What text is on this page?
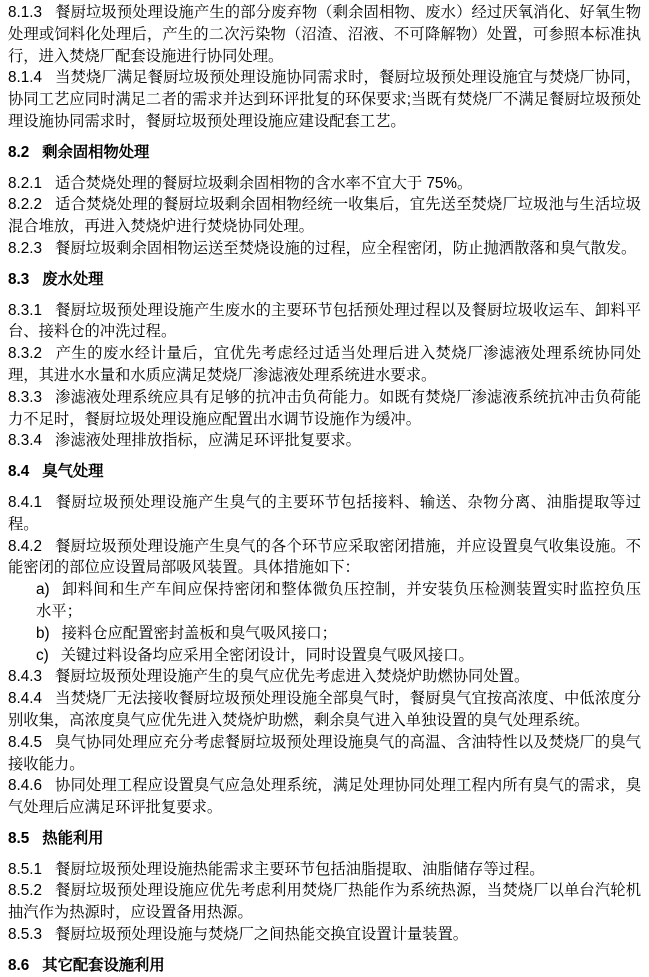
8.1.3 餐厨垃圾预处理设施产生的部分废弃物（剩余固相物、废水）经过厌氧消化、好氧生物处理或饲料化处理后，产生的二次污染物（沼渣、沼液、不可降解物）处置，可参照本标准执行，进入焚烧厂配套设施进行协同处理。

8.1.4 当焚烧厂满足餐厨垃圾预处理设施协同需求时，餐厨垃圾预处理设施宜与焚烧厂协同，协同工艺应同时满足二者的需求并达到环评批复的环保要求;当既有焚烧厂不满足餐厨垃圾预处理设施协同需求时，餐厨垃圾预处理设施应建设配套工艺。

8.2 剩余固相物处理

8.2.1 适合焚烧处理的餐厨垃圾剩余固相物的含水率不宜大于 75%。

8.2.2 适合焚烧处理的餐厨垃圾剩余固相物经统一收集后，宜先送至焚烧厂垃圾池与生活垃圾混合堆放，再进入焚烧炉进行焚烧协同处理。

8.2.3 餐厨垃圾剩余固相物运送至焚烧设施的过程，应全程密闭，防止抛洒散落和臭气散发。

8.3 废水处理

8.3.1 餐厨垃圾预处理设施产生废水的主要环节包括预处理过程以及餐厨垃圾收运车、卸料平台、接料仓的冲洗过程。

8.3.2 产生的废水经计量后，宜优先考虑经过适当处理后进入焚烧厂渗滤液处理系统协同处理，其进水水量和水质应满足焚烧厂渗滤液处理系统进水要求。

8.3.3 渗滤液处理系统应具有足够的抗冲击负荷能力。如既有焚烧厂渗滤液系统抗冲击负荷能力不足时，餐厨垃圾处理设施应配置出水调节设施作为缓冲。

8.3.4 渗滤液处理排放指标，应满足环评批复要求。

8.4 臭气处理

8.4.1 餐厨垃圾预处理设施产生臭气的主要环节包括接料、输送、杂物分离、油脂提取等过程。

8.4.2 餐厨垃圾预处理设施产生臭气的各个环节应采取密闭措施，并应设置臭气收集设施。不能密闭的部位应设置局部吸风装置。具体措施如下：

a) 卸料间和生产车间应保持密闭和整体微负压控制，并安装负压检测装置实时监控负压水平；

b) 接料仓应配置密封盖板和臭气吸风接口；

c) 关键过料设备均应采用全密闭设计，同时设置臭气吸风接口。

8.4.3 餐厨垃圾预处理设施产生的臭气应优先考虑进入焚烧炉助燃协同处置。

8.4.4 当焚烧厂无法接收餐厨垃圾预处理设施全部臭气时，餐厨臭气宜按高浓度、中低浓度分别收集，高浓度臭气应优先进入焚烧炉助燃，剩余臭气进入单独设置的臭气处理系统。

8.4.5 臭气协同处理应充分考虑餐厨垃圾预处理设施臭气的高温、含油特性以及焚烧厂的臭气接收能力。

8.4.6 协同处理工程应设置臭气应急处理系统，满足处理协同处理工程内所有臭气的需求，臭气处理后应满足环评批复要求。

8.5 热能利用

8.5.1 餐厨垃圾预处理设施热能需求主要环节包括油脂提取、油脂储存等过程。

8.5.2 餐厨垃圾预处理设施应优先考虑利用焚烧厂热能作为系统热源，当焚烧厂以单台汽轮机抽汽作为热源时，应设置备用热源。

8.5.3 餐厨垃圾预处理设施与焚烧厂之间热能交换宜设置计量装置。

8.6 其它配套设施利用
